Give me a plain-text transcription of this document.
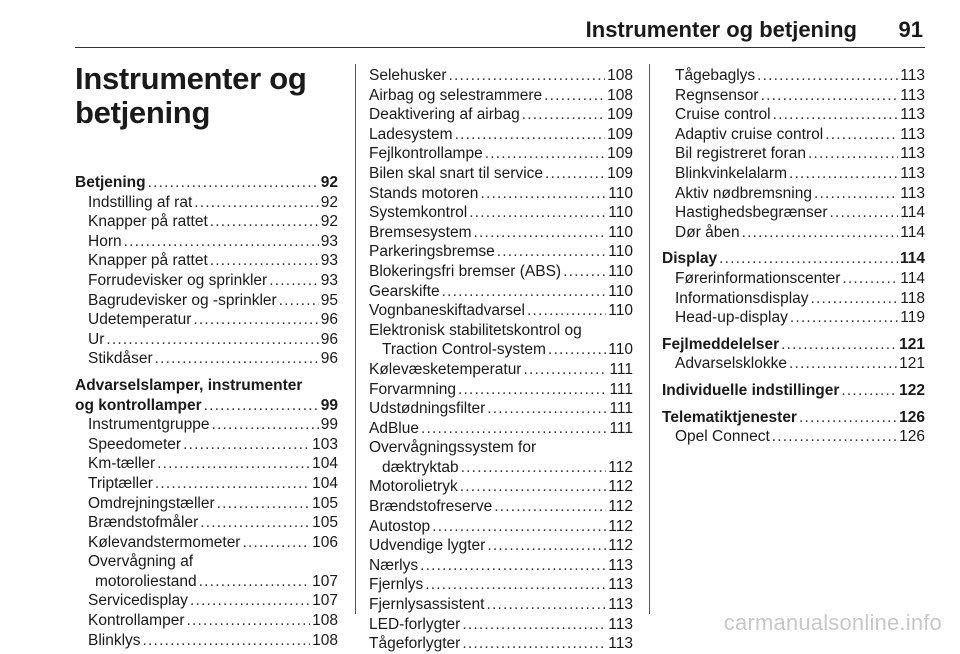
Instrumenter og betjening 91
Instrumenter og betjening
Betjening .....	92
Indstilling af rat .....	92
Knapper på rattet .....	92
Horn .....	93
Knapper på rattet .....	93
Forrudevisker og sprinkler .....	93
Bagrudevisker og -sprinkler .....	95
Udetemperatur .....	96
Ur .....	96
Stikdåser .....	96
Advarselslamper, instrumenter
og kontrollamper .....	99
Instrumentgruppe .....	99
Speedometer .....	103
Km-tæller .....	104
Triptæller .....	104
Omdrejningstæller .....	105
Brændstofmåler .....	105
Kølevandstermometer .....	106
Overvågning af
motoroliestand .....	107
Servicedisplay .....	107
Kontrollamper .....	108
Blinklys .....	108
Selehusker .....	108
Airbag og selestrammere .....	108
Deaktivering af airbag .....	109
Ladesystem .....	109
Fejlkontrollampe .....	109
Bilen skal snart til service .....	109
Stands motoren .....	110
Systemkontrol .....	110
Bremsesystem .....	110
Parkeringsbremse .....	110
Blokeringsfri bremser (ABS) .....	110
Gearskifte .....	110
Vognbaneskiftadvarsel .....	110
Elektronisk stabilitetskontrol og
Traction Control-system .....	110
Kølevæsketemperatur .....	111
Forvarmning .....	111
Udstødningsfilter .....	111
AdBlue .....	111
Overvågningssystem for
dæktryktab .....	112
Motorolietryk .....	112
Brændstofreserve .....	112
Autostop .....	112
Udvendige lygter .....	112
Nærlys .....	113
Fjernlys .....	113
Fjernlysassistent .....	113
LED-forlygter .....	113
Tågeforlygter .....	113
Tågebaglys .....	113
Regnsensor .....	113
Cruise control .....	113
Adaptiv cruise control .....	113
Bil registreret foran .....	113
Blinkvinkelalarm .....	113
Aktiv nødbremsning .....	113
Hastighedsbegrænser .....	114
Dør åben .....	114
Display .....	114
Førerinformationscenter .....	114
Informationsdisplay .....	118
Head-up-display .....	119
Fejlmeddelelser .....	121
Advarselsklokke .....	121
Individuelle indstillinger .....	122
Telematiktjenester .....	126
Opel Connect .....	126
carmanualsonline.info
